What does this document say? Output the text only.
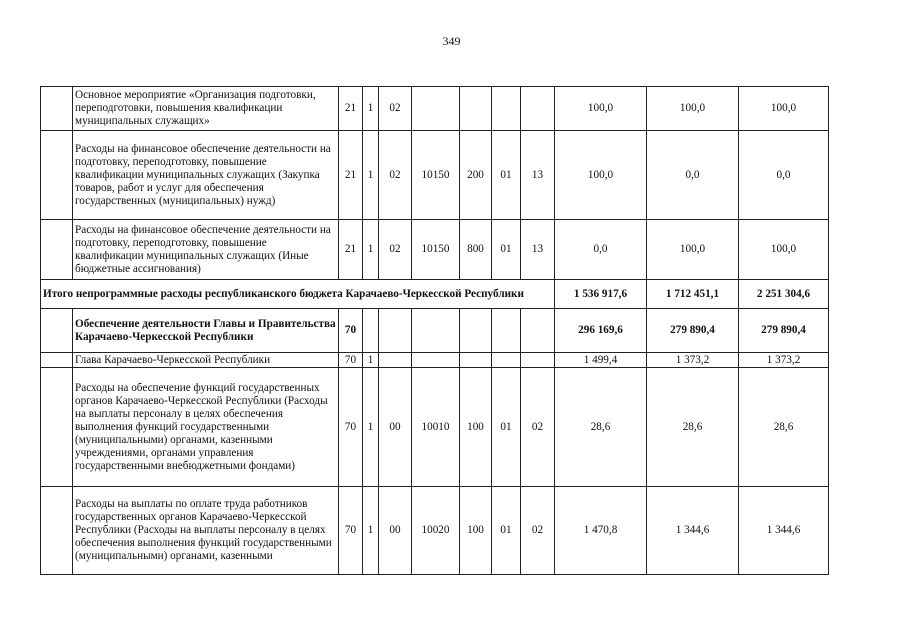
349
	Основное мероприятие «Организация подготовки, переподготовки, повышения квалификации муниципальных служащих»	21	1	02					100,0	100,0	100,0
	Расходы на финансовое обеспечение деятельности на подготовку, переподготовку, повышение квалификации муниципальных служащих (Закупка товаров, работ и услуг для обеспечения государственных (муниципальных) нужд)	21	1	02	10150	200	01	13	100,0	0,0	0,0
	Расходы на финансовое обеспечение деятельности на подготовку, переподготовку, повышение квалификации муниципальных служащих (Иные бюджетные ассигнования)	21	1	02	10150	800	01	13	0,0	100,0	100,0
Итого непрограммные расходы республиканского бюджета Карачаево-Черкесской Республики									1 536 917,6	1 712 451,1	2 251 304,6
	Обеспечение деятельности Главы и Правительства Карачаево-Черкесской Республики	70							296 169,6	279 890,4	279 890,4
	Глава Карачаево-Черкесской Республики	70	1						1 499,4	1 373,2	1 373,2
	Расходы на обеспечение функций государственных органов Карачаево-Черкесской Республики (Расходы на выплаты персоналу в целях обеспечения выполнения функций государственными (муниципальными) органами, казенными учреждениями, органами управления государственными внебюджетными фондами)	70	1	00	10010	100	01	02	28,6	28,6	28,6
	Расходы на выплаты по оплате труда работников государственных органов Карачаево-Черкесской Республики (Расходы на выплаты персоналу в целях обеспечения выполнения функций государственными (муниципальными) органами, казенными	70	1	00	10020	100	01	02	1 470,8	1 344,6	1 344,6
